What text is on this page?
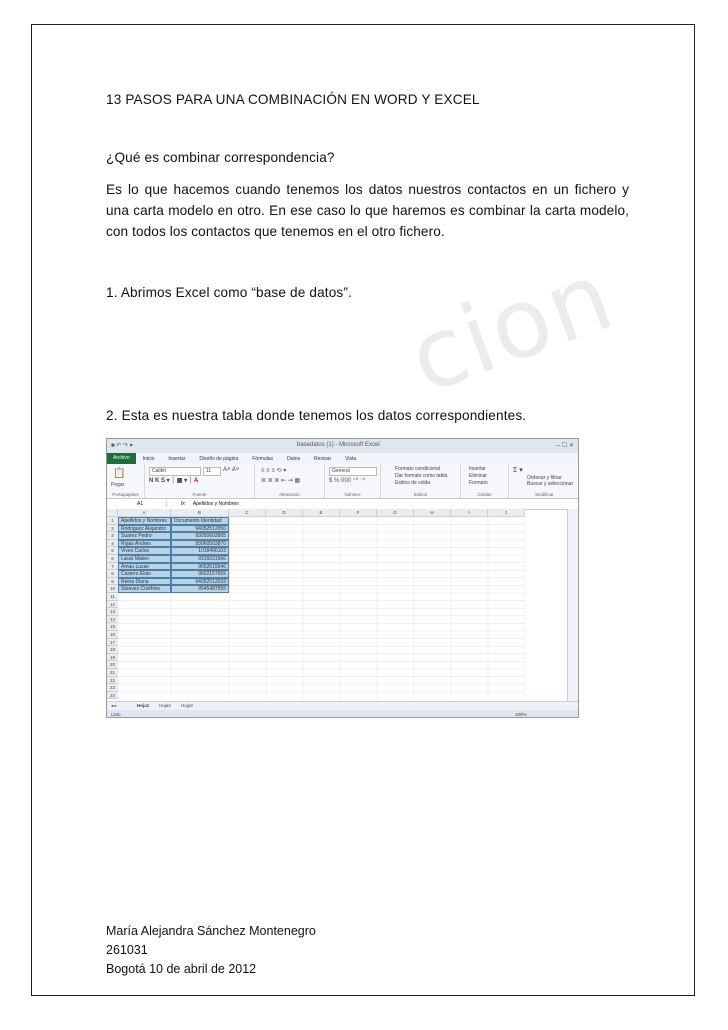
cion
13 PASOS PARA UNA COMBINACIÓN EN WORD Y EXCEL
¿Qué es combinar correspondencia?
Es lo que hacemos cuando tenemos los datos nuestros contactos en un fichero y una carta modelo en otro. En ese caso lo que haremos es combinar la carta modelo, con todos los contactos que tenemos en el otro fichero.
1. Abrimos Excel como “base de datos”.
2. Esta es nuestra tabla donde tenemos los datos correspondientes.
■ ↶ ↷ ▾	basedatos (1) - Microsoft Excel	─ ☐ ✕
Archivo	Inicio	Insertar	Diseño de página	Fórmulas	Datos	Revisar	Vista
📋
Pegar
Portapapeles
Calibri	11	A˄ A˅
N K S ▾ │ ▦ ▾ │ A
Fuente
≡ ≡ ≡ ⟲ ▾
≣ ≣ ≣ ⇤ ⇥ ▦
Alineación
General
$ % 000 ⁺⁰ ⁻⁰
Número
Formato condicional
Dar formato como tabla
Estilos de celda
Estilos
Insertar
Eliminar
Formato
Celdas
Σ ▾
Ordenar y filtrar
Buscar y seleccionar
Modificar
A1	fx	Apellidos y Nombres
A	B	C	D	E	F	G	H	I	J
1
2
3
4
5
6
7
8
9
10
11
12
13
14
15
16
17
18
19
20
21
22
23
24
Apellidos y Nombres	Documento Identidad
Rodriguez Alejandro	94052512050
Suarez Pedro	93050603905
Rojas Andres	93060503870
Vives Carlos	1018466103
Laras Mateo	9315031566
Amau Lucas	9652615546
Castero Elias	9602157655
Reina Diana	94052512033
Steeves Cristhine	9545487555
◂ ▸	Hoja1 Hoja2 Hoja3
Listo	100%
María Alejandra Sánchez Montenegro
261031
Bogotá 10 de abril de 2012
